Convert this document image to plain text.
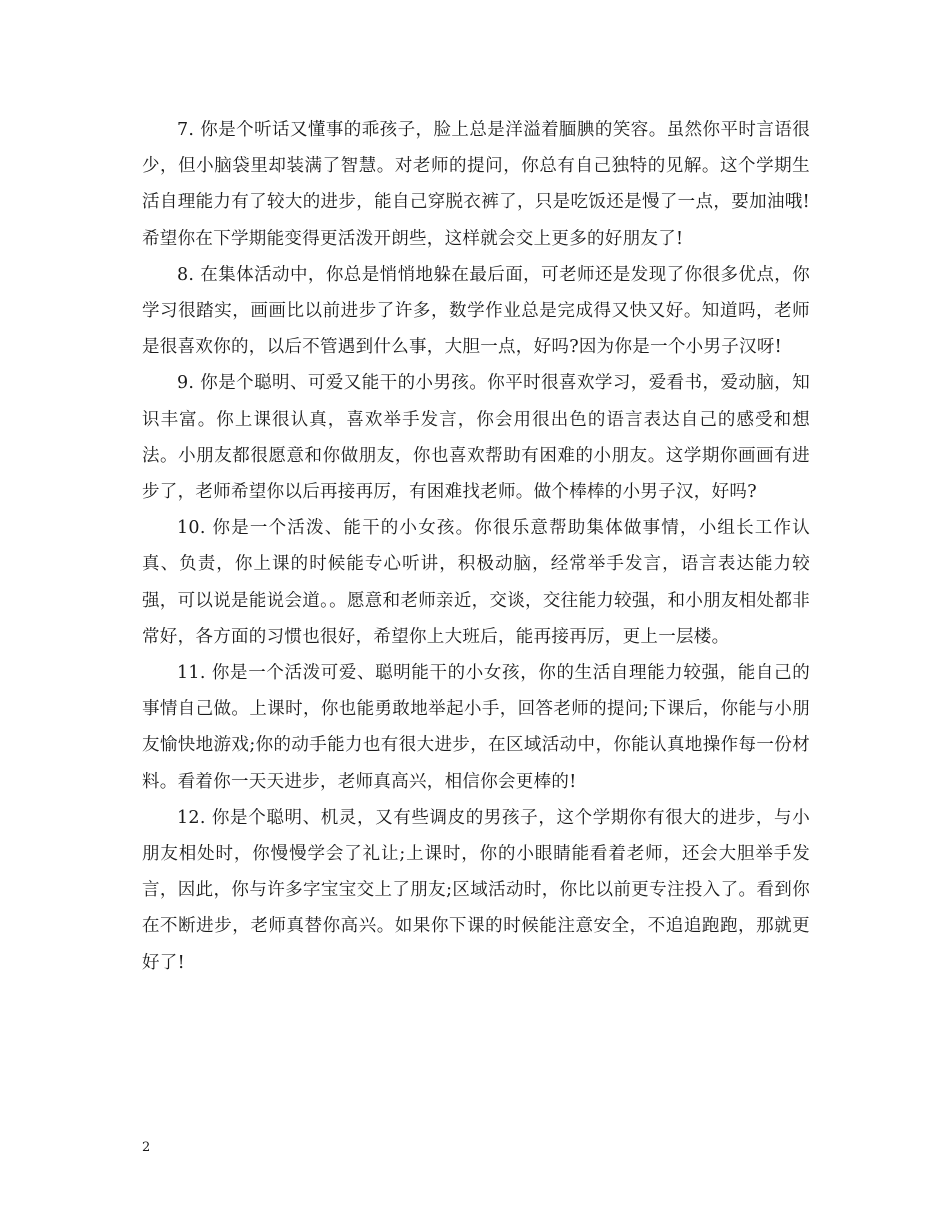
7. 你是个听话又懂事的乖孩子，脸上总是洋溢着腼腆的笑容。虽然你平时言语很少，但小脑袋里却装满了智慧。对老师的提问，你总有自己独特的见解。这个学期生活自理能力有了较大的进步，能自己穿脱衣裤了，只是吃饭还是慢了一点，要加油哦!希望你在下学期能变得更活泼开朗些，这样就会交上更多的好朋友了!

8. 在集体活动中，你总是悄悄地躲在最后面，可老师还是发现了你很多优点，你学习很踏实，画画比以前进步了许多，数学作业总是完成得又快又好。知道吗，老师是很喜欢你的，以后不管遇到什么事，大胆一点，好吗?因为你是一个小男子汉呀!

9. 你是个聪明、可爱又能干的小男孩。你平时很喜欢学习，爱看书，爱动脑，知识丰富。你上课很认真，喜欢举手发言，你会用很出色的语言表达自己的感受和想法。小朋友都很愿意和你做朋友，你也喜欢帮助有困难的小朋友。这学期你画画有进步了，老师希望你以后再接再厉，有困难找老师。做个棒棒的小男子汉，好吗?

10. 你是一个活泼、能干的小女孩。你很乐意帮助集体做事情，小组长工作认真、负责，你上课的时候能专心听讲，积极动脑，经常举手发言，语言表达能力较强，可以说是能说会道。。愿意和老师亲近，交谈，交往能力较强，和小朋友相处都非常好，各方面的习惯也很好，希望你上大班后，能再接再厉，更上一层楼。

11. 你是一个活泼可爱、聪明能干的小女孩，你的生活自理能力较强，能自己的事情自己做。上课时，你也能勇敢地举起小手，回答老师的提问;下课后，你能与小朋友愉快地游戏;你的动手能力也有很大进步，在区域活动中，你能认真地操作每一份材料。看着你一天天进步，老师真高兴，相信你会更棒的!

12. 你是个聪明、机灵，又有些调皮的男孩子，这个学期你有很大的进步，与小朋友相处时，你慢慢学会了礼让;上课时，你的小眼睛能看着老师，还会大胆举手发言，因此，你与许多字宝宝交上了朋友;区域活动时，你比以前更专注投入了。看到你在不断进步，老师真替你高兴。如果你下课的时候能注意安全，不追追跑跑，那就更好了!

2
